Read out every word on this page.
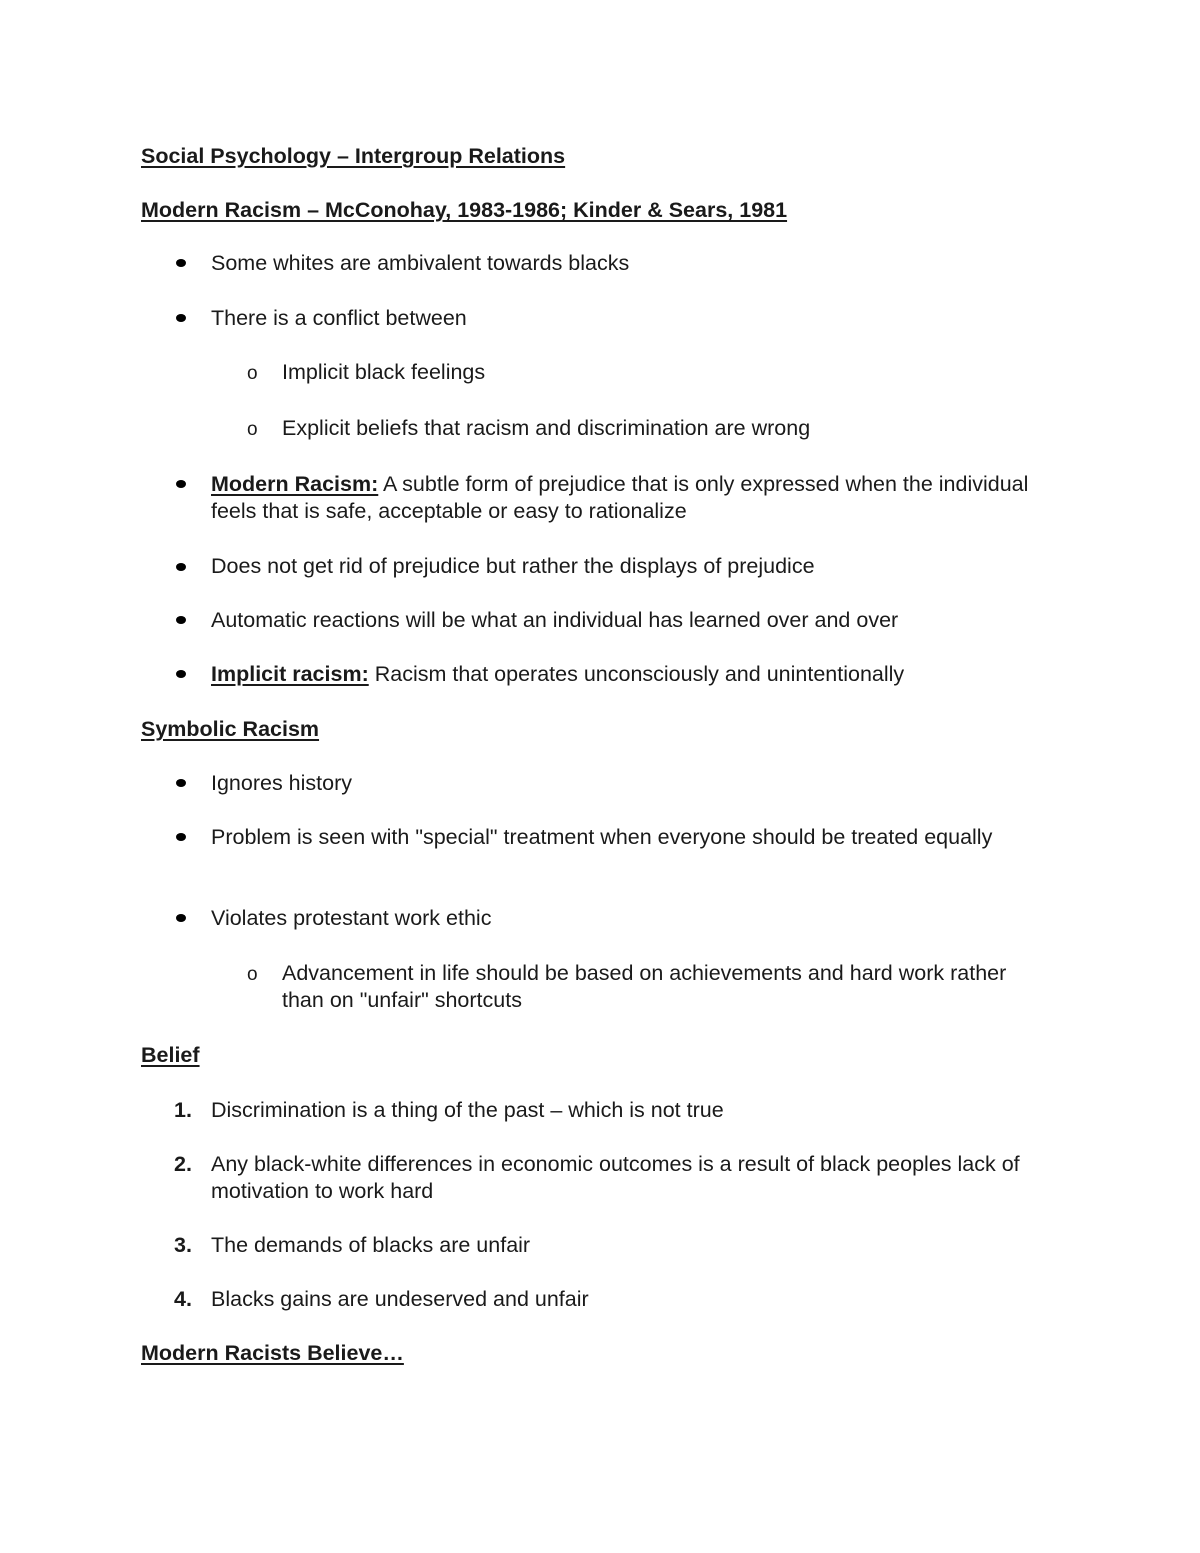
Social Psychology – Intergroup Relations
Modern Racism – McConohay, 1983-1986; Kinder & Sears, 1981
Some whites are ambivalent towards blacks
There is a conflict between
o Implicit black feelings
o Explicit beliefs that racism and discrimination are wrong
Modern Racism: A subtle form of prejudice that is only expressed when the individual feels that is safe, acceptable or easy to rationalize
Does not get rid of prejudice but rather the displays of prejudice
Automatic reactions will be what an individual has learned over and over
Implicit racism: Racism that operates unconsciously and unintentionally
Symbolic Racism
Ignores history
Problem is seen with "special" treatment when everyone should be treated equally
Violates protestant work ethic
o Advancement in life should be based on achievements and hard work rather than on "unfair" shortcuts
Belief
1. Discrimination is a thing of the past – which is not true
2. Any black-white differences in economic outcomes is a result of black peoples lack of motivation to work hard
3. The demands of blacks are unfair
4. Blacks gains are undeserved and unfair
Modern Racists Believe…
